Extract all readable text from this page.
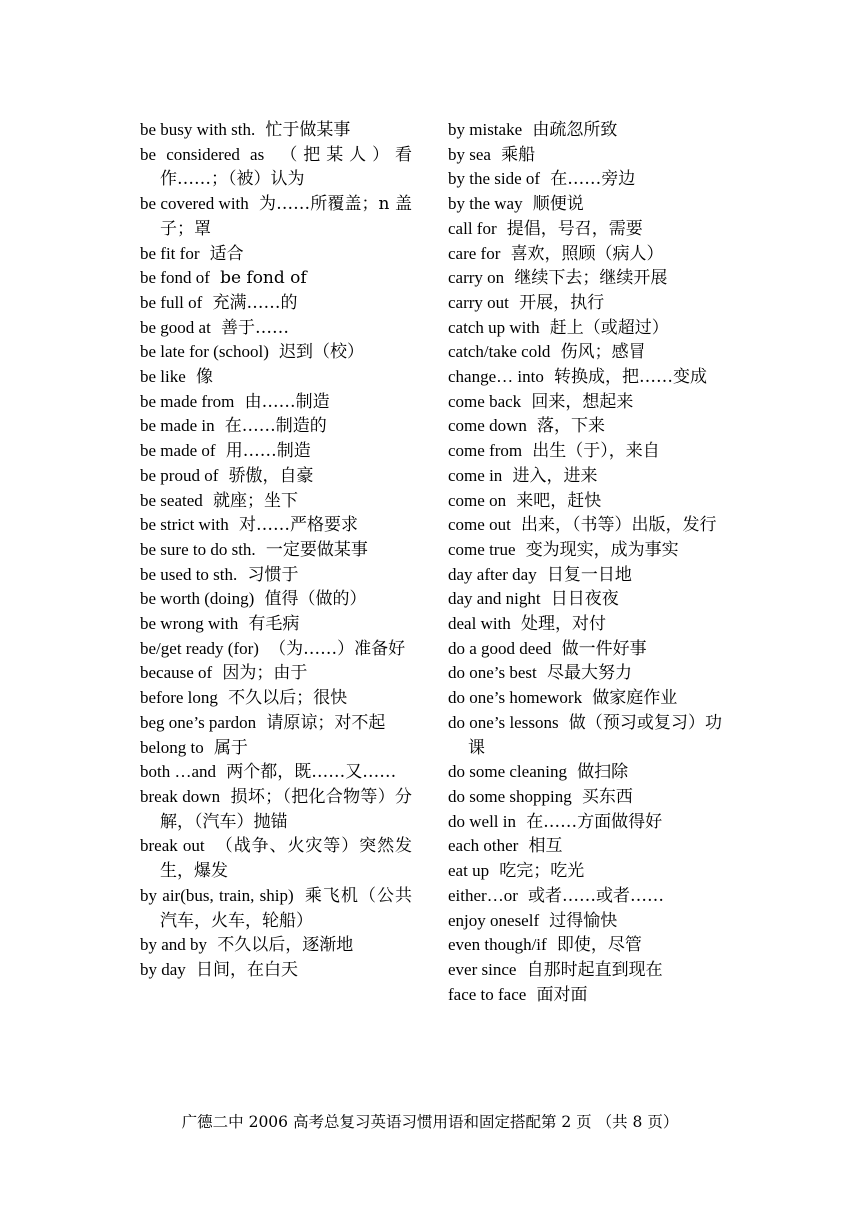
be busy with sth. 忙于做某事
be considered as （把某人）看作……；（被）认为
be covered with 为……所覆盖；n 盖子；罩
be fit for 适合
be fond of be fond of
be full of 充满……的
be good at 善于……
be late for (school) 迟到（校）
be like 像
be made from 由……制造
be made in 在……制造的
be made of 用……制造
be proud of 骄傲，自豪
be seated 就座；坐下
be strict with 对……严格要求
be sure to do sth. 一定要做某事
be used to sth. 习惯于
be worth (doing) 值得（做的）
be wrong with 有毛病
be/get ready (for) （为……）准备好
because of 因为；由于
before long 不久以后；很快
beg one’s pardon 请原谅；对不起
belong to 属于
both …and 两个都，既……又……
break down 损坏；（把化合物等）分解，（汽车）抛锚
break out （战争、火灾等）突然发生，爆发
by air(bus, train, ship) 乘飞机（公共汽车，火车，轮船）
by and by 不久以后，逐渐地
by day 日间，在白天
by mistake 由疏忽所致
by sea 乘船
by the side of 在……旁边
by the way 顺便说
call for 提倡，号召，需要
care for 喜欢，照顾（病人）
carry on 继续下去；继续开展
carry out 开展，执行
catch up with 赶上（或超过）
catch/take cold 伤风；感冒
change… into 转换成，把……变成
come back 回来，想起来
come down 落，下来
come from 出生（于），来自
come in 进入，进来
come on 来吧，赶快
come out 出来，（书等）出版，发行
come true 变为现实，成为事实
day after day 日复一日地
day and night 日日夜夜
deal with 处理，对付
do a good deed 做一件好事
do one’s best 尽最大努力
do one’s homework 做家庭作业
do one’s lessons 做（预习或复习）功课
do some cleaning 做扫除
do some shopping 买东西
do well in 在……方面做得好
each other 相互
eat up 吃完；吃光
either…or 或者……或者……
enjoy oneself 过得愉快
even though/if 即使，尽管
ever since 自那时起直到现在
face to face 面对面
广德二中 2006 高考总复习英语习惯用语和固定搭配第 2 页 （共 8 页）
